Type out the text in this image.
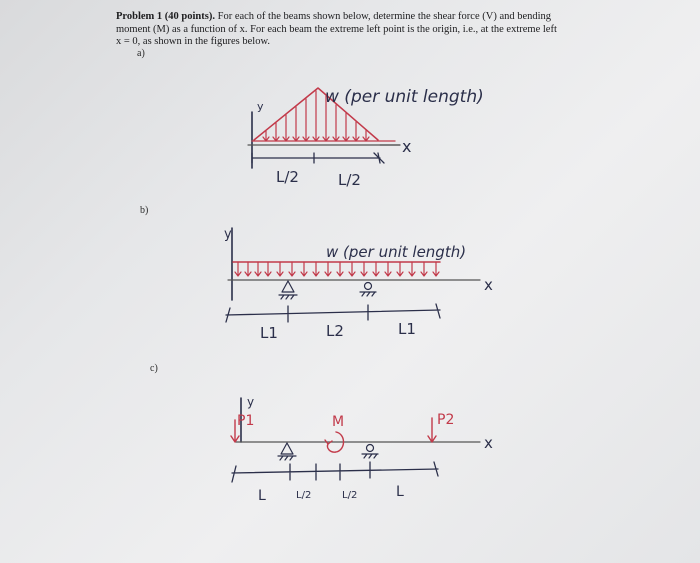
Problem 1 (40 points). For each of the beams shown below, determine the shear force (V) and bending
moment (M) as a function of x. For each beam the extreme left point is the origin, i.e., at the extreme left
x = 0, as shown in the figures below.
a)
b)
c)
y	w (per unit length)
x
L/2	L/2
y
w (per unit length)
x
L1	L2	L1
y
P1	M	P2
x
L	L/2	L/2	L
